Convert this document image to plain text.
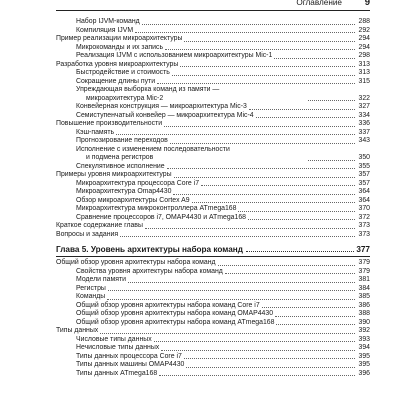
Оглавление 9
Набор IJVM-команд	288
Компиляция IJVM	292
Пример реализации микроархитектуры	294
Микрокоманды и их запись	294
Реализация IJVM с использованием микроархитектуры Mic-1	298
Разработка уровня микроархитектуры	313
Быстродействие и стоимость	313
Сокращение длины пути	315
Упреждающая выборка команд из памяти —
микроархитектура Mic-2	322
Конвейерная конструкция — микроархитектура Mic-3	327
Семиступенчатый конвейер — микроархитектура Mic-4	334
Повышение производительности	336
Кэш-память	337
Прогнозирование переходов	343
Исполнение с изменением последовательности
и подмена регистров	350
Спекулятивное исполнение	355
Примеры уровня микроархитектуры	357
Микроархитектура процессора Core i7	357
Микроархитектура Omap4430	364
Обзор микроархитектуры Cortex A9	364
Микроархитектура микроконтроллера ATmega168	370
Сравнение процессоров i7, OMAP4430 и ATmega168	372
Краткое содержание главы	373
Вопросы и задания	373
Глава 5. Уровень архитектуры набора команд	377
Общий обзор уровня архитектуры набора команд	379
Свойства уровня архитектуры набора команд	379
Модели памяти	381
Регистры	384
Команды	385
Общий обзор уровня архитектуры набора команд Core i7	386
Общий обзор уровня архитектуры набора команд OMAP4430	388
Общий обзор уровня архитектуры набора команд ATmega168	390
Типы данных	392
Числовые типы данных	393
Нечисловые типы данных	394
Типы данных процессора Core i7	395
Типы данных машины OMAP4430	395
Типы данных ATmega168	396
